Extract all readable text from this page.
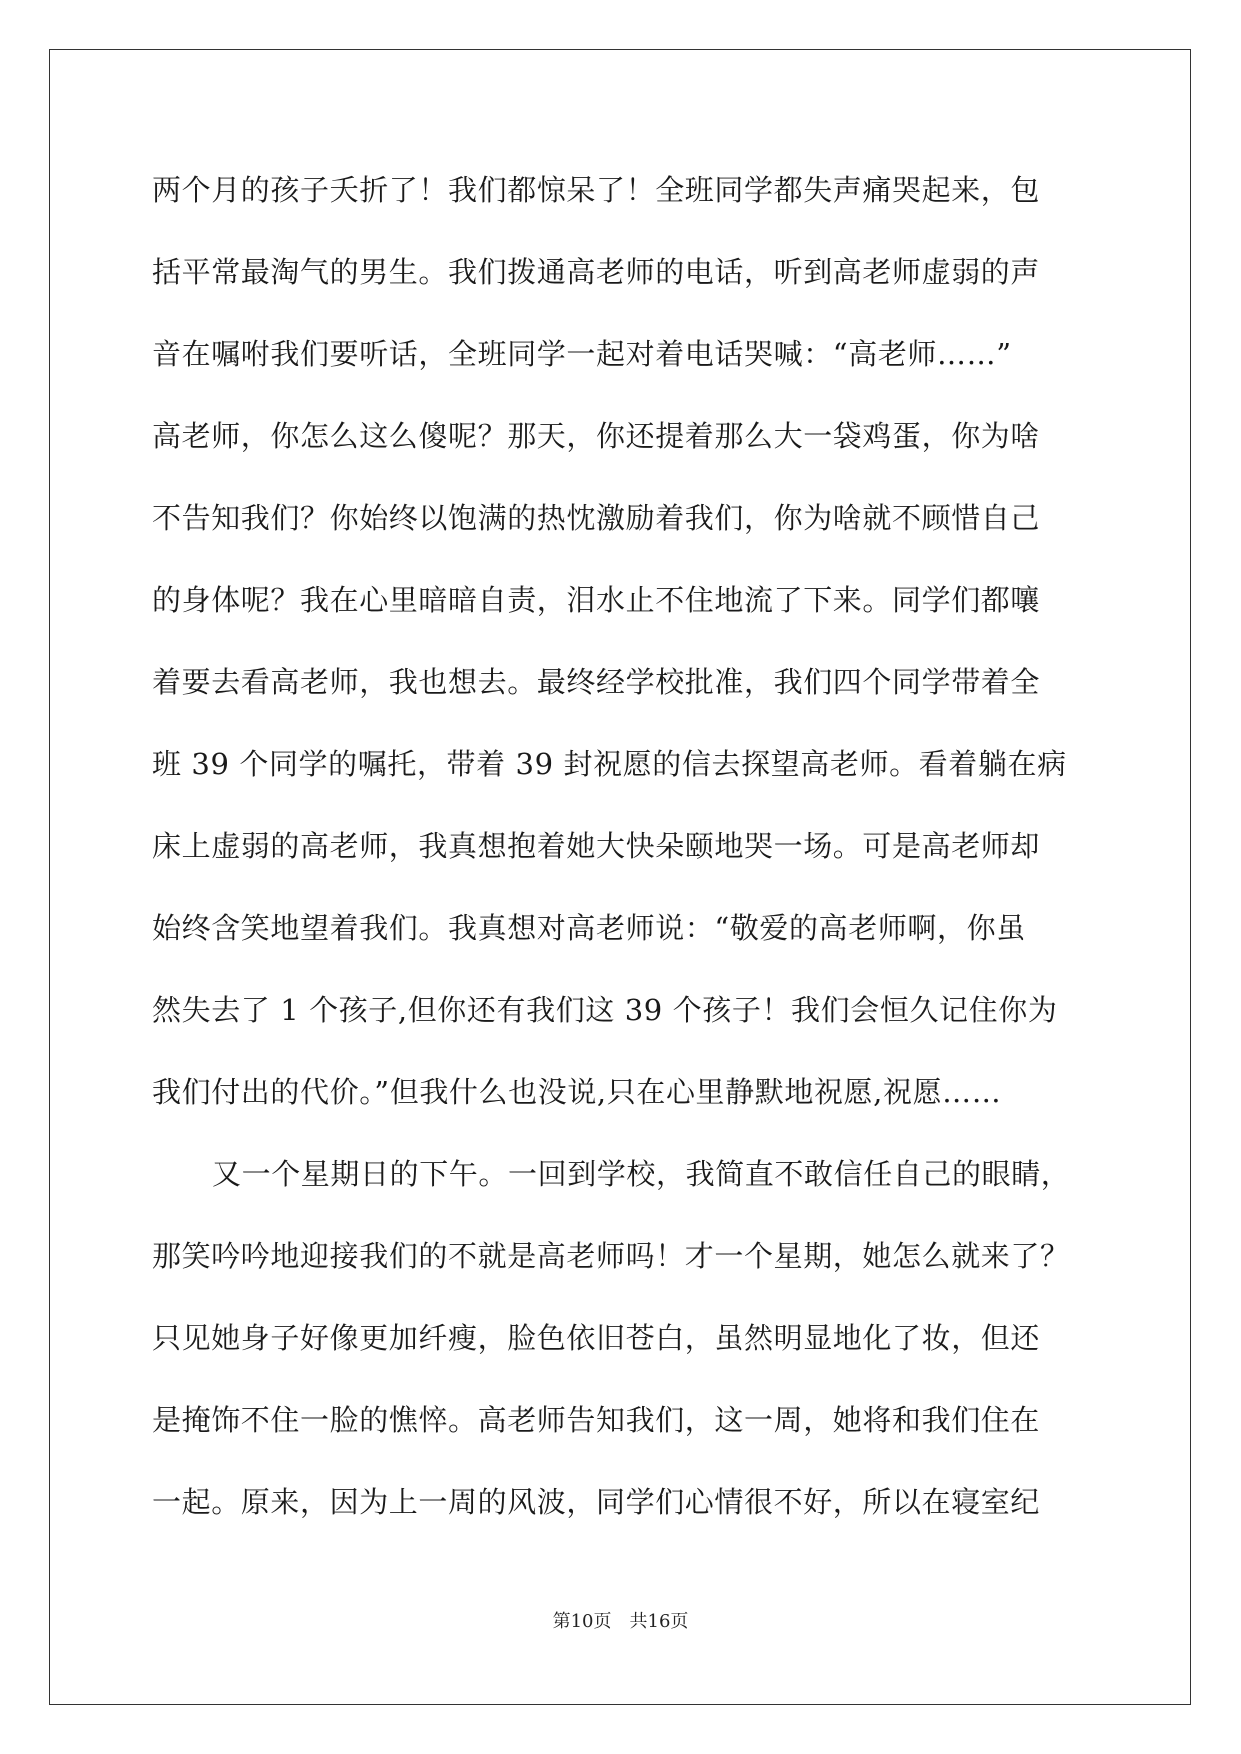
两个月的孩子夭折了！我们都惊呆了！全班同学都失声痛哭起来，包
括平常最淘气的男生。我们拨通高老师的电话，听到高老师虚弱的声
音在嘱咐我们要听话，全班同学一起对着电话哭喊：“高老师……”
高老师，你怎么这么傻呢？那天，你还提着那么大一袋鸡蛋，你为啥
不告知我们？你始终以饱满的热忱激励着我们，你为啥就不顾惜自己
的身体呢？我在心里暗暗自责，泪水止不住地流了下来。同学们都嚷
着要去看高老师，我也想去。最终经学校批准，我们四个同学带着全
班 39 个同学的嘱托，带着 39 封祝愿的信去探望高老师。看着躺在病
床上虚弱的高老师，我真想抱着她大快朵颐地哭一场。可是高老师却
始终含笑地望着我们。我真想对高老师说：“敬爱的高老师啊，你虽
然失去了 1 个孩子,但你还有我们这 39 个孩子！我们会恒久记住你为
我们付出的代价。”但我什么也没说,只在心里静默地祝愿,祝愿……
又一个星期日的下午。一回到学校，我简直不敢信任自己的眼睛，
那笑吟吟地迎接我们的不就是高老师吗！才一个星期，她怎么就来了？
只见她身子好像更加纤瘦，脸色依旧苍白，虽然明显地化了妆，但还
是掩饰不住一脸的憔悴。高老师告知我们，这一周，她将和我们住在
一起。原来，因为上一周的风波，同学们心情很不好，所以在寝室纪
第10页　共16页
